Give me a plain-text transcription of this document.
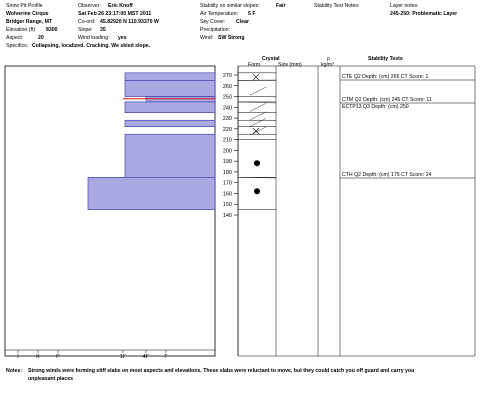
Snow Pit Profile
Wolverine Cirque
Bridger Range, MT
Elevation (ft) 8300
Aspect:	20
Specifics: Collapsing, localized. Cracking. We skied slope.
Observer: Eric Knoff
Sat Feb 26 23:17:00 MST 2011
Co-ord: 45.82920 N 110.93370 W
Slope: 35
Wind loading: yes
Stability on similar slopes:	Fair
Air Temperature: 5 F
Sky Cover: Clear
Precipitation:
Wind: SW Strong
Stability Test Notes:	Layer notes:
245-250: Problematic Layer
Crystal
Form	Size (mm)
ρ
kg/m³
Stability Tests
270
260
250
240
230
220
210
200
190
180
170
160
150
140
I	K	P	1F	4F	F
CTE Q2 Depth: (cm) 265 CT Score: 1
CTM Q2 Depth: (cm) 245 CT Score: 11
ECTP13 Q3 Depth: (cm) 250
CTH Q2 Depth: (cm) 175 CT Score: 24
Notes: Strong winds were forming stiff slabs on most aspects and elevations. These slabs were reluctant to move, but they could catch you off guard and carry you
unpleasant places
